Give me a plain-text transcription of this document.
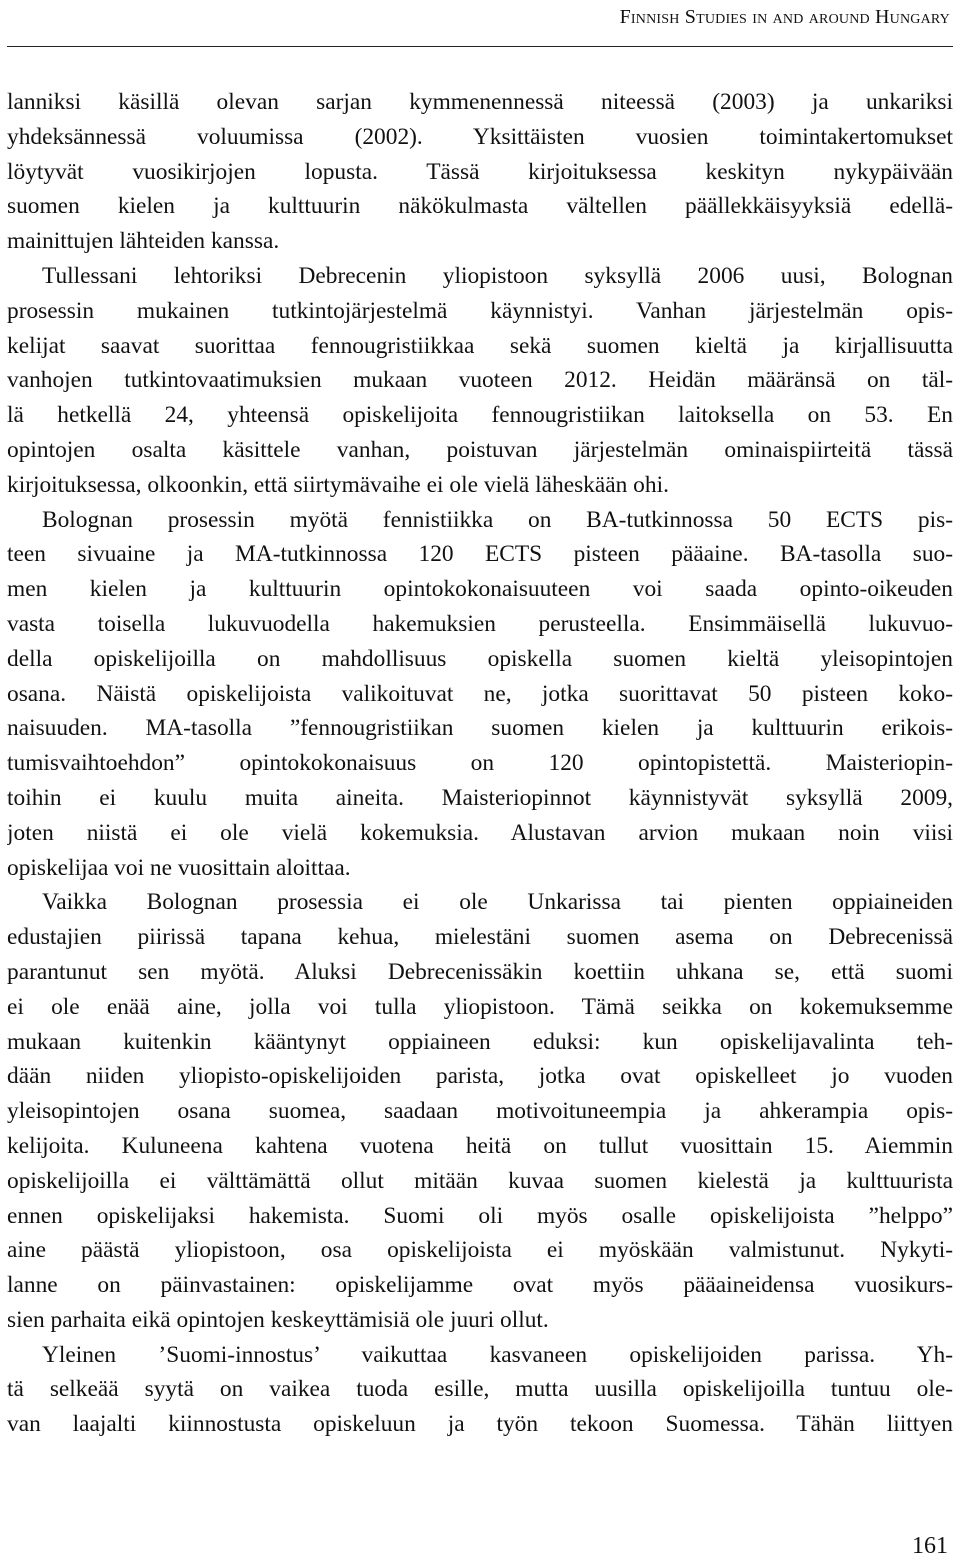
Finnish Studies in and around Hungary
lanniksi käsillä olevan sarjan kymmenennessä niteessä (2003) ja unkariksi
yhdeksännessä voluumissa (2002). Yksittäisten vuosien toimintakertomukset
löytyvät vuosikirjojen lopusta. Tässä kirjoituksessa keskityn nykypäivään
suomen kielen ja kulttuurin näkökulmasta vältellen päällekkäisyyksiä edellä-
mainittujen lähteiden kanssa.
Tullessani lehtoriksi Debrecenin yliopistoon syksyllä 2006 uusi, Bolognan
prosessin mukainen tutkintojärjestelmä käynnistyi. Vanhan järjestelmän opis-
kelijat saavat suorittaa fennougristiikkaa sekä suomen kieltä ja kirjallisuutta
vanhojen tutkintovaatimuksien mukaan vuoteen 2012. Heidän määränsä on täl-
lä hetkellä 24, yhteensä opiskelijoita fennougristiikan laitoksella on 53. En
opintojen osalta käsittele vanhan, poistuvan järjestelmän ominaispiirteitä tässä
kirjoituksessa, olkoonkin, että siirtymävaihe ei ole vielä läheskään ohi.
Bolognan prosessin myötä fennistiikka on BA-tutkinnossa 50 ECTS pis-
teen sivuaine ja MA-tutkinnossa 120 ECTS pisteen pääaine. BA-tasolla suo-
men kielen ja kulttuurin opintokokonaisuuteen voi saada opinto-oikeuden
vasta toisella lukuvuodella hakemuksien perusteella. Ensimmäisellä lukuvuo-
della opiskelijoilla on mahdollisuus opiskella suomen kieltä yleisopintojen
osana. Näistä opiskelijoista valikoituvat ne, jotka suorittavat 50 pisteen koko-
naisuuden. MA-tasolla ”fennougristiikan suomen kielen ja kulttuurin erikois-
tumisvaihtoehdon” opintokokonaisuus on 120 opintopistettä. Maisteriopin-
toihin ei kuulu muita aineita. Maisteriopinnot käynnistyvät syksyllä 2009,
joten niistä ei ole vielä kokemuksia. Alustavan arvion mukaan noin viisi
opiskelijaa voi ne vuosittain aloittaa.
Vaikka Bolognan prosessia ei ole Unkarissa tai pienten oppiaineiden
edustajien piirissä tapana kehua, mielestäni suomen asema on Debrecenissä
parantunut sen myötä. Aluksi Debrecenissäkin koettiin uhkana se, että suomi
ei ole enää aine, jolla voi tulla yliopistoon. Tämä seikka on kokemuksemme
mukaan kuitenkin kääntynyt oppiaineen eduksi: kun opiskelijavalinta teh-
dään niiden yliopisto-opiskelijoiden parista, jotka ovat opiskelleet jo vuoden
yleisopintojen osana suomea, saadaan motivoituneempia ja ahkerampia opis-
kelijoita. Kuluneena kahtena vuotena heitä on tullut vuosittain 15. Aiemmin
opiskelijoilla ei välttämättä ollut mitään kuvaa suomen kielestä ja kulttuurista
ennen opiskelijaksi hakemista. Suomi oli myös osalle opiskelijoista ”helppo”
aine päästä yliopistoon, osa opiskelijoista ei myöskään valmistunut. Nykyti-
lanne on päinvastainen: opiskelijamme ovat myös pääaineidensa vuosikurs-
sien parhaita eikä opintojen keskeyttämisiä ole juuri ollut.
Yleinen ’Suomi-innostus’ vaikuttaa kasvaneen opiskelijoiden parissa. Yh-
tä selkeää syytä on vaikea tuoda esille, mutta uusilla opiskelijoilla tuntuu ole-
van laajalti kiinnostusta opiskeluun ja työn tekoon Suomessa. Tähän liittyen
161
